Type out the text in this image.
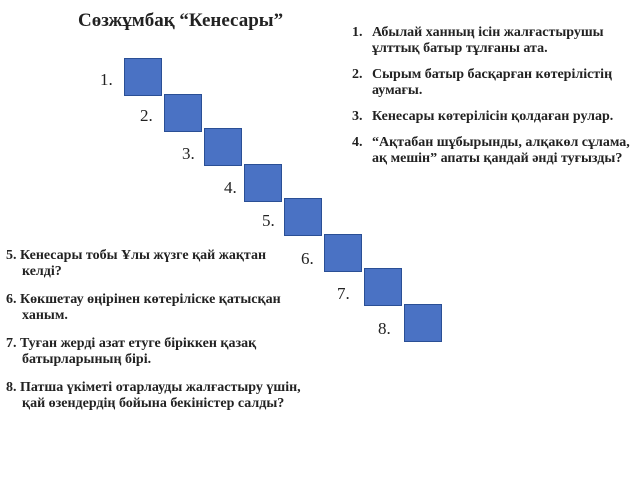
Сөзжұмбақ “Кенесары”
1.
2.
3.
4.
5.
6.
7.
8.
1. Абылай ханның ісін жалғастырушы ұлттық батыр тұлғаны ата.
2. Сырым батыр басқарған көтерілістің аумағы.
3. Кенесары көтерілісін қолдаған рулар.
4. “Ақтабан шұбырынды, алқакөл сұлама, ақ мешін” апаты қандай әнді туғызды?
5. Кенесары тобы Ұлы жүзге қай жақтан келді?
6. Көкшетау өңірінен көтеріліске қатысқан ханым.
7. Туған жерді азат етуге біріккен қазақ батырларының бірі.
8. Патша үкіметі отарлауды жалғастыру үшін, қай өзендердің бойына бекіністер салды?
